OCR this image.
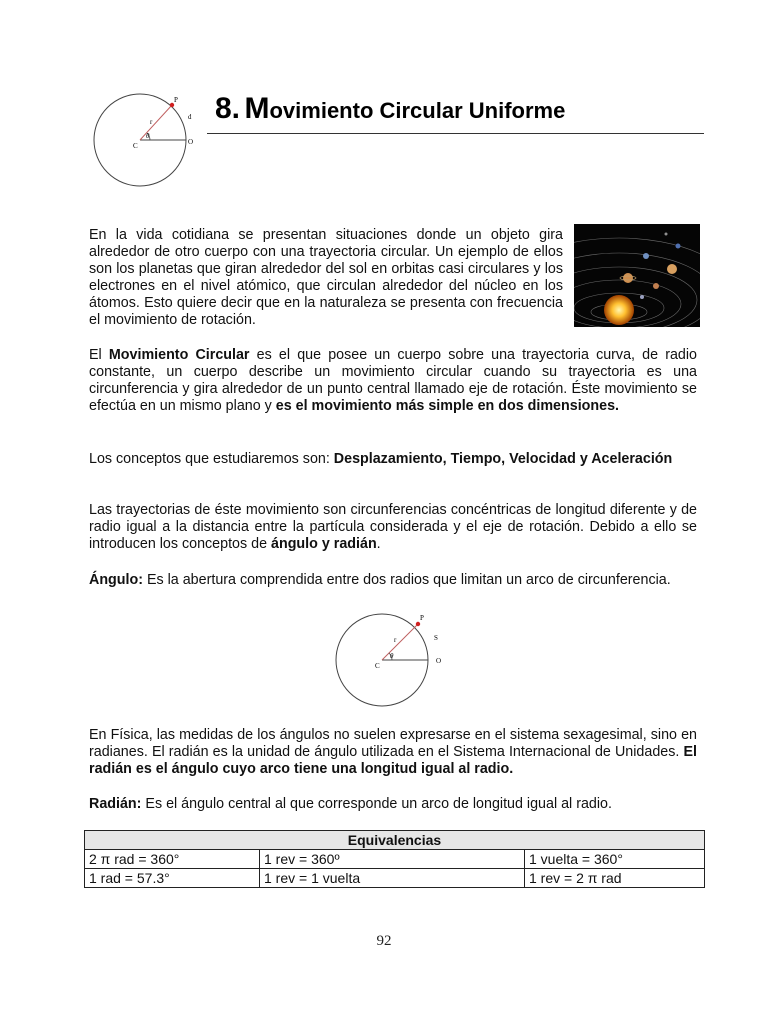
P
r
d
θ
C	O
8. Movimiento Circular Uniforme
En la vida cotidiana se presentan situaciones donde un objeto gira alrededor de otro cuerpo con una trayectoria circular. Un ejemplo de ellos son los planetas que giran alrededor del sol en orbitas casi circulares y los electrones en el nivel atómico, que circulan alrededor del núcleo en los átomos. Esto quiere decir que en la naturaleza se presenta con frecuencia el movimiento de rotación.
El Movimiento Circular es el que posee un cuerpo sobre una trayectoria curva, de radio constante, un cuerpo describe un movimiento circular cuando su trayectoria es una circunferencia y gira alrededor de un punto central llamado eje de rotación. Éste movimiento se efectúa en un mismo plano y es el movimiento más simple en dos dimensiones.
Los conceptos que estudiaremos son: Desplazamiento, Tiempo, Velocidad y Aceleración
Las trayectorias de éste movimiento son circunferencias concéntricas de longitud diferente y de radio igual a la distancia entre la partícula considerada y el eje de rotación. Debido a ello se introducen los conceptos de ángulo y radián.
Ángulo: Es la abertura comprendida entre dos radios que limitan un arco de circunferencia.
P
r	S
θ
C
O
En Física, las medidas de los ángulos no suelen expresarse en el sistema sexagesimal, sino en radianes. El radián es la unidad de ángulo utilizada en el Sistema Internacional de Unidades. El radián es el ángulo cuyo arco tiene una longitud igual al radio.
Radián: Es el ángulo central al que corresponde un arco de longitud igual al radio.
Equivalencias		
2 π rad = 360°	1 rev = 360º	1 vuelta = 360°
1 rad = 57.3°	1 rev = 1 vuelta	1 rev = 2 π rad
92
